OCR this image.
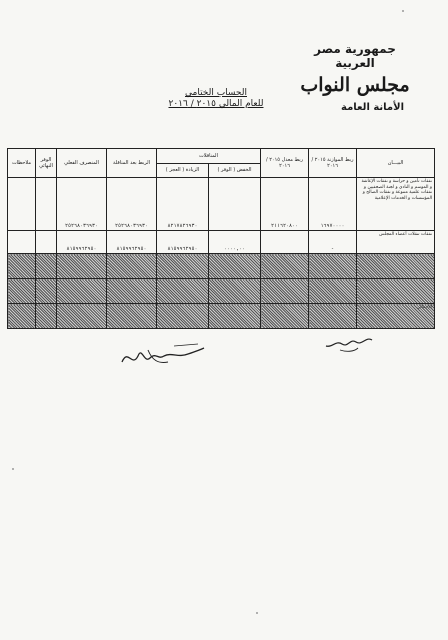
جمهورية مصر العربية
مجلس النواب
الأمانة العامة
الحساب الختامي
للعام المالي ٢٠١٥ / ٢٠١٦
البيـــان	ربط الموازنة ٢٠١٥ / ٢٠١٦	ربط معدل ٢٠١٥ / ٢٠١٦	المناقلات		الربط بعد المناقلة	المنصرف الفعلي	الوفر النهائي	ملاحظات
			الخفض ( الوفر )	الزيادة ( العجز )				
نفقات تأمين و حراسة و نفقات الإعاشة و الموسم و النادي و لجنة الصحفيين و نفقات علمية متنوعة و نفقات الصالح و المؤسسات و الخدمات الإعلامية	١٦٩٧٠٠٠٠	٢١١٦٢٠٨٠٠		٨٢١٧٨٢٦٩٣٠	٢٥٢٦٨٠٣٦٩٣٠	٢٥٢٦٨٠٣٦٩٣٠		
نفقات تنقلات أعضاء المجلس	-		٠٠٠٠,٠٠	٨١٥٩٩٦٢٩٥٠	٨١٥٩٩٦٢٩٥٠	٨١٥٩٩٦٢٩٥٠		

الإجمالي								
